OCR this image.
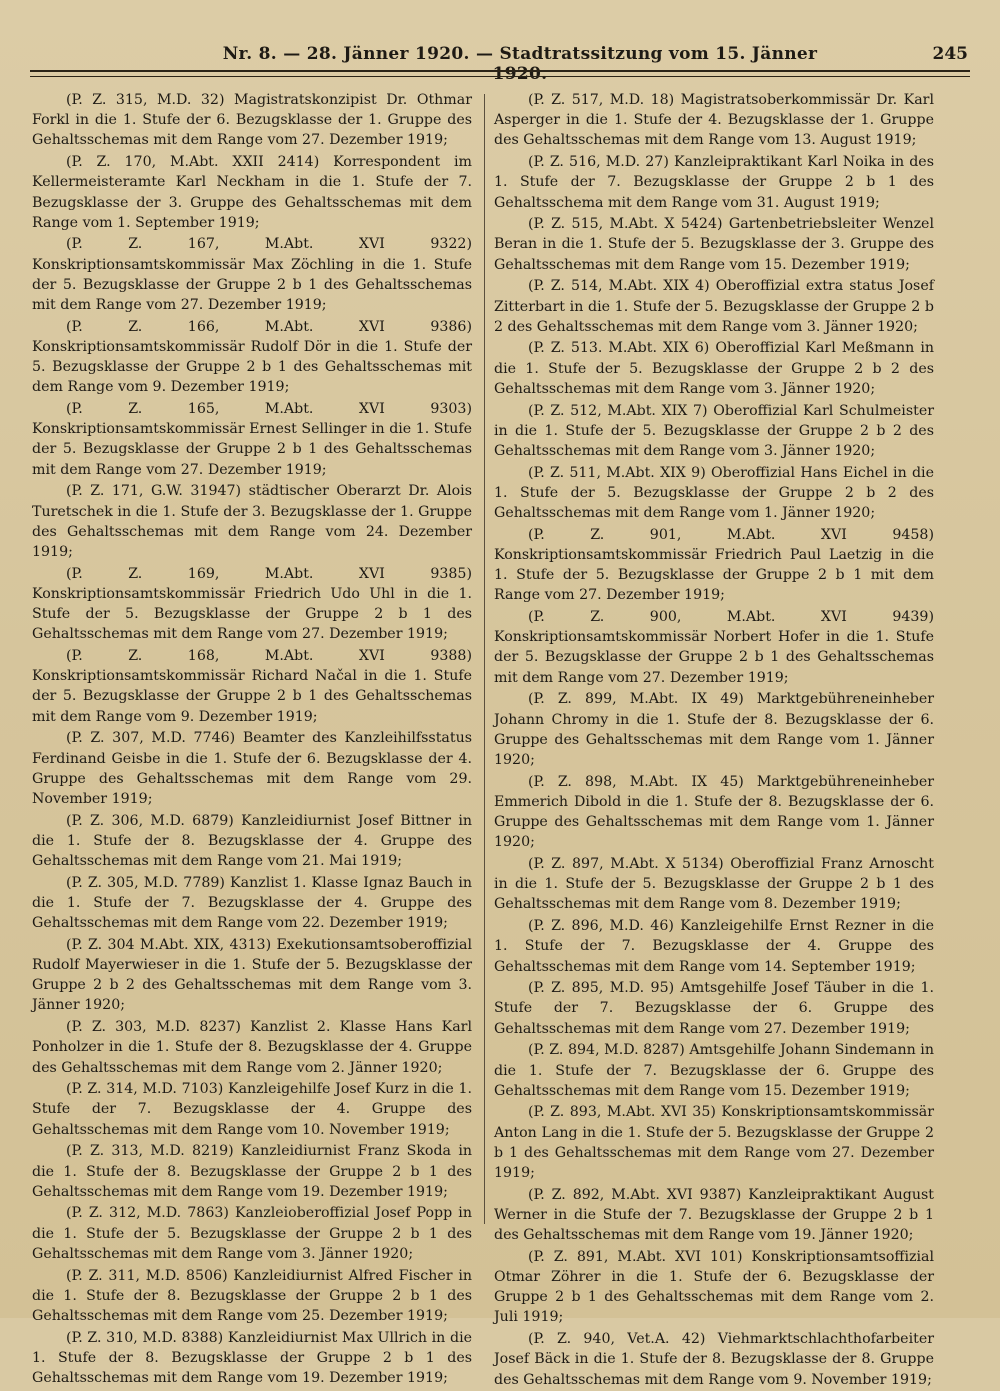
Nr. 8. — 28. Jänner 1920. — Stadtratssitzung vom 15. Jänner 1920.
245

(P. Z. 315, M.D. 32) Magistratskonzipist Dr. Othmar Forkl in die 1. Stufe der 6. Bezugsklasse der 1. Gruppe des Gehaltsschemas mit dem Range vom 27. Dezember 1919;

(P. Z. 170, M.Abt. XXII 2414) Korrespondent im Kellermeisteramte Karl Neckham in die 1. Stufe der 7. Bezugsklasse der 3. Gruppe des Gehaltsschemas mit dem Range vom 1. September 1919;

(P. Z. 167, M.Abt. XVI 9322) Konskriptionsamtskommissär Max Zöchling in die 1. Stufe der 5. Bezugsklasse der Gruppe 2 b 1 des Gehaltsschemas mit dem Range vom 27. Dezember 1919;

(P. Z. 166, M.Abt. XVI 9386) Konskriptionsamtskommissär Rudolf Dör in die 1. Stufe der 5. Bezugsklasse der Gruppe 2 b 1 des Gehaltsschemas mit dem Range vom 9. Dezember 1919;

(P. Z. 165, M.Abt. XVI 9303) Konskriptionsamtskommissär Ernest Sellinger in die 1. Stufe der 5. Bezugsklasse der Gruppe 2 b 1 des Gehaltsschemas mit dem Range vom 27. Dezember 1919;

(P. Z. 171, G.W. 31947) städtischer Oberarzt Dr. Alois Turetschek in die 1. Stufe der 3. Bezugsklasse der 1. Gruppe des Gehaltsschemas mit dem Range vom 24. Dezember 1919;

(P. Z. 169, M.Abt. XVI 9385) Konskriptionsamtskommissär Friedrich Udo Uhl in die 1. Stufe der 5. Bezugsklasse der Gruppe 2 b 1 des Gehaltsschemas mit dem Range vom 27. Dezember 1919;

(P. Z. 168, M.Abt. XVI 9388) Konskriptionsamtskommissär Richard Načal in die 1. Stufe der 5. Bezugsklasse der Gruppe 2 b 1 des Gehaltsschemas mit dem Range vom 9. Dezember 1919;

(P. Z. 307, M.D. 7746) Beamter des Kanzleihilfsstatus Ferdinand Geisbe in die 1. Stufe der 6. Bezugsklasse der 4. Gruppe des Gehaltsschemas mit dem Range vom 29. November 1919;

(P. Z. 306, M.D. 6879) Kanzleidiurnist Josef Bittner in die 1. Stufe der 8. Bezugsklasse der 4. Gruppe des Gehaltsschemas mit dem Range vom 21. Mai 1919;

(P. Z. 305, M.D. 7789) Kanzlist 1. Klasse Ignaz Bauch in die 1. Stufe der 7. Bezugsklasse der 4. Gruppe des Gehaltsschemas mit dem Range vom 22. Dezember 1919;

(P. Z. 304 M.Abt. XIX, 4313) Exekutionsamtsoberoffizial Rudolf Mayerwieser in die 1. Stufe der 5. Bezugsklasse der Gruppe 2 b 2 des Gehaltsschemas mit dem Range vom 3. Jänner 1920;

(P. Z. 303, M.D. 8237) Kanzlist 2. Klasse Hans Karl Ponholzer in die 1. Stufe der 8. Bezugsklasse der 4. Gruppe des Gehaltsschemas mit dem Range vom 2. Jänner 1920;

(P. Z. 314, M.D. 7103) Kanzleigehilfe Josef Kurz in die 1. Stufe der 7. Bezugsklasse der 4. Gruppe des Gehaltsschemas mit dem Range vom 10. November 1919;

(P. Z. 313, M.D. 8219) Kanzleidiurnist Franz Skoda in die 1. Stufe der 8. Bezugsklasse der Gruppe 2 b 1 des Gehaltsschemas mit dem Range vom 19. Dezember 1919;

(P. Z. 312, M.D. 7863) Kanzleioberoffizial Josef Popp in die 1. Stufe der 5. Bezugsklasse der Gruppe 2 b 1 des Gehaltsschemas mit dem Range vom 3. Jänner 1920;

(P. Z. 311, M.D. 8506) Kanzleidiurnist Alfred Fischer in die 1. Stufe der 8. Bezugsklasse der Gruppe 2 b 1 des Gehaltsschemas mit dem Range vom 25. Dezember 1919;

(P. Z. 310, M.D. 8388) Kanzleidiurnist Max Ullrich in die 1. Stufe der 8. Bezugsklasse der Gruppe 2 b 1 des Gehaltsschemas mit dem Range vom 19. Dezember 1919;

(P. Z. 517, M.D. 18) Magistratsoberkommissär Dr. Karl Asperger in die 1. Stufe der 4. Bezugsklasse der 1. Gruppe des Gehaltsschemas mit dem Range vom 13. August 1919;

(P. Z. 516, M.D. 27) Kanzleipraktikant Karl Noika in des 1. Stufe der 7. Bezugsklasse der Gruppe 2 b 1 des Gehaltsschema mit dem Range vom 31. August 1919;

(P. Z. 515, M.Abt. X 5424) Gartenbetriebsleiter Wenzel Beran in die 1. Stufe der 5. Bezugsklasse der 3. Gruppe des Gehaltsschemas mit dem Range vom 15. Dezember 1919;

(P. Z. 514, M.Abt. XIX 4) Oberoffizial extra status Josef Zitterbart in die 1. Stufe der 5. Bezugsklasse der Gruppe 2 b 2 des Gehaltsschemas mit dem Range vom 3. Jänner 1920;

(P. Z. 513. M.Abt. XIX 6) Oberoffizial Karl Meßmann in die 1. Stufe der 5. Bezugsklasse der Gruppe 2 b 2 des Gehaltsschemas mit dem Range vom 3. Jänner 1920;

(P. Z. 512, M.Abt. XIX 7) Oberoffizial Karl Schulmeister in die 1. Stufe der 5. Bezugsklasse der Gruppe 2 b 2 des Gehaltsschemas mit dem Range vom 3. Jänner 1920;

(P. Z. 511, M.Abt. XIX 9) Oberoffizial Hans Eichel in die 1. Stufe der 5. Bezugsklasse der Gruppe 2 b 2 des Gehaltsschemas mit dem Range vom 1. Jänner 1920;

(P. Z. 901, M.Abt. XVI 9458) Konskriptionsamtskommissär Friedrich Paul Laetzig in die 1. Stufe der 5. Bezugsklasse der Gruppe 2 b 1 mit dem Range vom 27. Dezember 1919;

(P. Z. 900, M.Abt. XVI 9439) Konskriptionsamtskommissär Norbert Hofer in die 1. Stufe der 5. Bezugsklasse der Gruppe 2 b 1 des Gehaltsschemas mit dem Range vom 27. Dezember 1919;

(P. Z. 899, M.Abt. IX 49) Marktgebühreneinheber Johann Chromy in die 1. Stufe der 8. Bezugsklasse der 6. Gruppe des Gehaltsschemas mit dem Range vom 1. Jänner 1920;

(P. Z. 898, M.Abt. IX 45) Marktgebühreneinheber Emmerich Dibold in die 1. Stufe der 8. Bezugsklasse der 6. Gruppe des Gehaltsschemas mit dem Range vom 1. Jänner 1920;

(P. Z. 897, M.Abt. X 5134) Oberoffizial Franz Arnoscht in die 1. Stufe der 5. Bezugsklasse der Gruppe 2 b 1 des Gehaltsschemas mit dem Range vom 8. Dezember 1919;

(P. Z. 896, M.D. 46) Kanzleigehilfe Ernst Rezner in die 1. Stufe der 7. Bezugsklasse der 4. Gruppe des Gehaltsschemas mit dem Range vom 14. September 1919;

(P. Z. 895, M.D. 95) Amtsgehilfe Josef Täuber in die 1. Stufe der 7. Bezugsklasse der 6. Gruppe des Gehaltsschemas mit dem Range vom 27. Dezember 1919;

(P. Z. 894, M.D. 8287) Amtsgehilfe Johann Sindemann in die 1. Stufe der 7. Bezugsklasse der 6. Gruppe des Gehaltsschemas mit dem Range vom 15. Dezember 1919;

(P. Z. 893, M.Abt. XVI 35) Konskriptionsamtskommissär Anton Lang in die 1. Stufe der 5. Bezugsklasse der Gruppe 2 b 1 des Gehaltsschemas mit dem Range vom 27. Dezember 1919;

(P. Z. 892, M.Abt. XVI 9387) Kanzleipraktikant August Werner in die Stufe der 7. Bezugsklasse der Gruppe 2 b 1 des Gehaltsschemas mit dem Range vom 19. Jänner 1920;

(P. Z. 891, M.Abt. XVI 101) Konskriptionsamtsoffizial Otmar Zöhrer in die 1. Stufe der 6. Bezugsklasse der Gruppe 2 b 1 des Gehaltsschemas mit dem Range vom 2. Juli 1919;

(P. Z. 940, Vet.A. 42) Viehmarktschlachthofarbeiter Josef Bäck in die 1. Stufe der 8. Bezugsklasse der 8. Gruppe des Gehaltsschemas mit dem Range vom 9. November 1919;
